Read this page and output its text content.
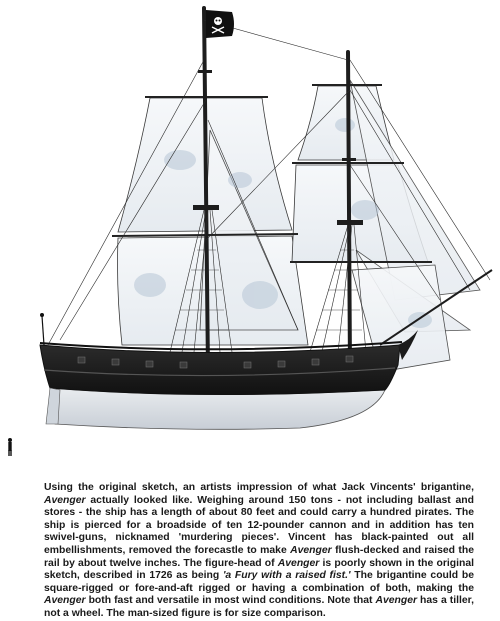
Using the original sketch, an artists impression of what Jack Vincents' brigantine, Avenger actually looked like. Weighing around 150 tons - not including ballast and stores - the ship has a length of about 80 feet and could carry a hundred pirates. The ship is pierced for a broadside of ten 12-pounder cannon and in addition has ten swivel-guns, nicknamed 'murdering pieces'. Vincent has black-painted out all embellishments, removed the forecastle to make Avenger flush-decked and raised the rail by about twelve inches. The figure-head of Avenger is poorly shown in the original sketch, described in 1726 as being 'a Fury with a raised fist.' The brigantine could be square-rigged or fore-and-aft rigged or having a combination of both, making the Avenger both fast and versatile in most wind conditions. Note that Avenger has a tiller, not a wheel. The man-sized figure is for size comparison.
